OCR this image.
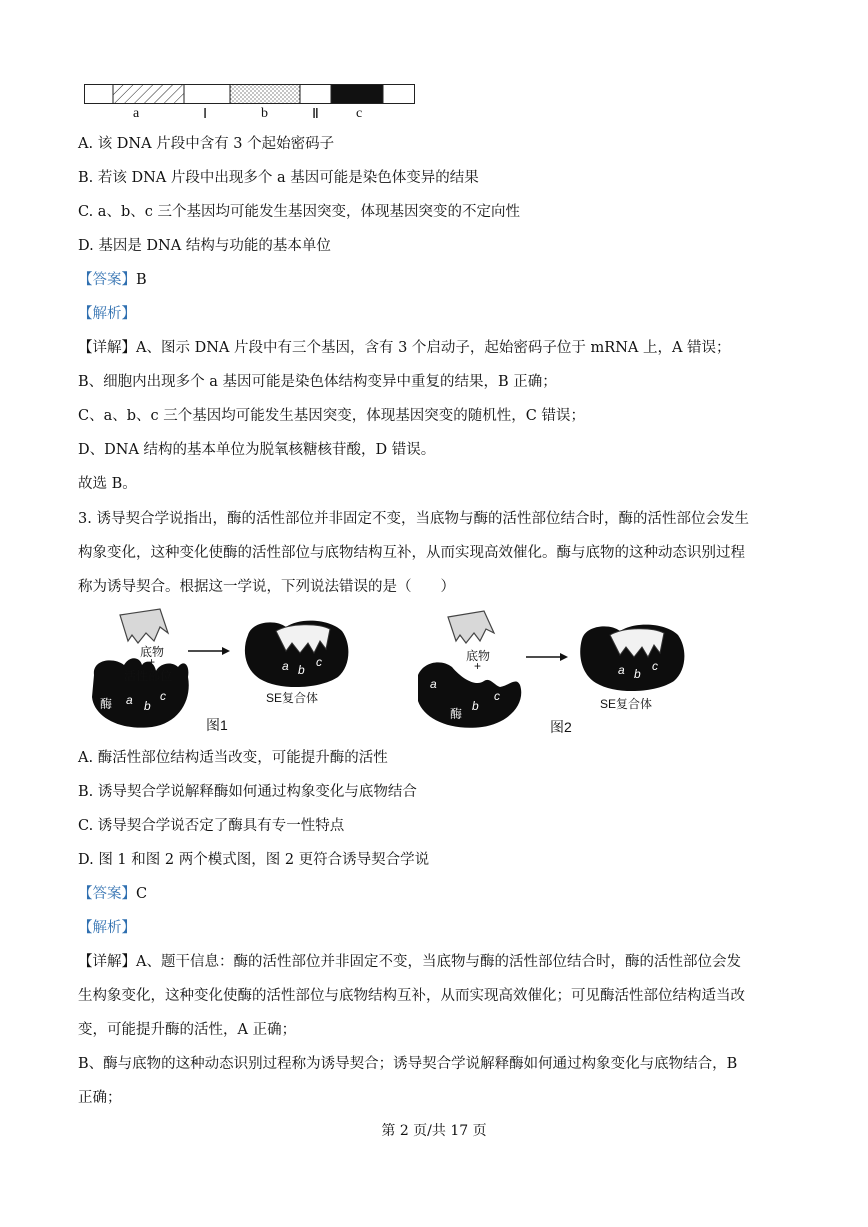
a	Ⅰ	b	Ⅱ	c
A. 该 DNA 片段中含有 3 个起始密码子
B. 若该 DNA 片段中出现多个 a 基因可能是染色体变异的结果
C. a、b、c 三个基因均可能发生基因突变，体现基因突变的不定向性
D. 基因是 DNA 结构与功能的基本单位
【答案】B
【解析】
【详解】A、图示 DNA 片段中有三个基因，含有 3 个启动子，起始密码子位于 mRNA 上，A 错误；
B、细胞内出现多个 a 基因可能是染色体结构变异中重复的结果，B 正确；
C、a、b、c 三个基因均可能发生基因突变，体现基因突变的随机性，C 错误；
D、DNA 结构的基本单位为脱氧核糖核苷酸，D 错误。
故选 B。
3. 诱导契合学说指出，酶的活性部位并非固定不变，当底物与酶的活性部位结合时，酶的活性部位会发生
构象变化，这种变化使酶的活性部位与底物结构互补，从而实现高效催化。酶与底物的这种动态识别过程
称为诱导契合。根据这一学说，下列说法错误的是（　　）
底物
+
活性部位
酶 a b
c
a b
c
SE复合体
图1
底物
+
酶
a
b
c
a b
c
SE复合体
图2
A. 酶活性部位结构适当改变，可能提升酶的活性
B. 诱导契合学说解释酶如何通过构象变化与底物结合
C. 诱导契合学说否定了酶具有专一性特点
D. 图 1 和图 2 两个模式图，图 2 更符合诱导契合学说
【答案】C
【解析】
【详解】A、题干信息：酶的活性部位并非固定不变，当底物与酶的活性部位结合时，酶的活性部位会发
生构象变化，这种变化使酶的活性部位与底物结构互补，从而实现高效催化；可见酶活性部位结构适当改
变，可能提升酶的活性，A 正确；
B、酶与底物的这种动态识别过程称为诱导契合；诱导契合学说解释酶如何通过构象变化与底物结合，B
正确；
第 2 页/共 17 页
